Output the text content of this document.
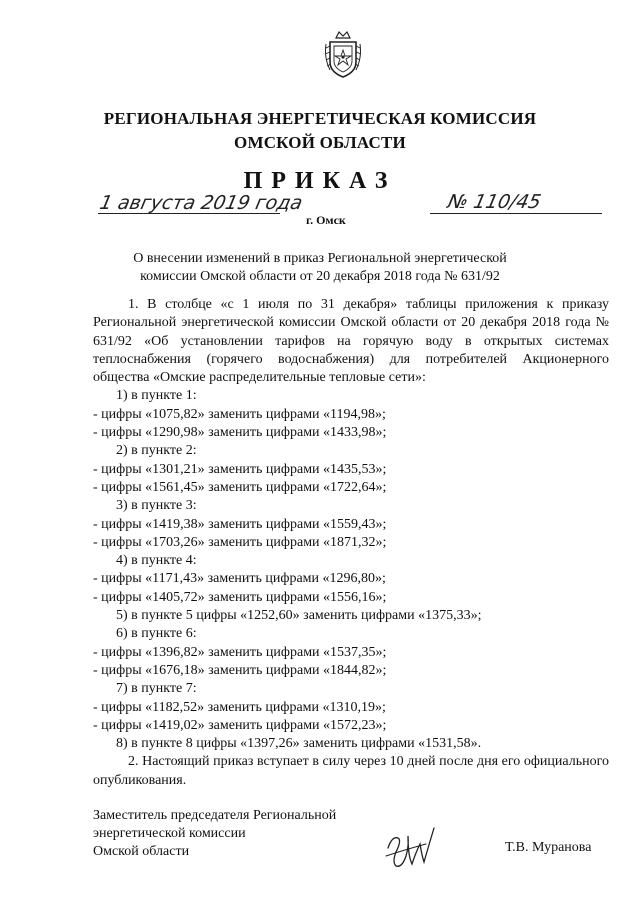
РЕГИОНАЛЬНАЯ ЭНЕРГЕТИЧЕСКАЯ КОМИССИЯ
ОМСКОЙ ОБЛАСТИ
ПРИКАЗ
1 августа 2019 года
г. Омск
№ 110/45
О внесении изменений в приказ Региональной энергетической
комиссии Омской области от 20 декабря 2018 года № 631/92

1. В столбце «с 1 июля по 31 декабря» таблицы приложения к приказу Региональной энергетической комиссии Омской области от 20 декабря 2018 года № 631/92 «Об установлении тарифов на горячую воду в открытых системах теплоснабжения (горячего водоснабжения) для потребителей Акционерного общества «Омские распределительные тепловые сети»:

1) в пункте 1:
- цифры «1075,82» заменить цифрами «1194,98»;
- цифры «1290,98» заменить цифрами «1433,98»;
2) в пункте 2:
- цифры «1301,21» заменить цифрами «1435,53»;
- цифры «1561,45» заменить цифрами «1722,64»;
3) в пункте 3:
- цифры «1419,38» заменить цифрами «1559,43»;
- цифры «1703,26» заменить цифрами «1871,32»;
4) в пункте 4:
- цифры «1171,43» заменить цифрами «1296,80»;
- цифры «1405,72» заменить цифрами «1556,16»;
5) в пункте 5 цифры «1252,60» заменить цифрами «1375,33»;
6) в пункте 6:
- цифры «1396,82» заменить цифрами «1537,35»;
- цифры «1676,18» заменить цифрами «1844,82»;
7) в пункте 7:
- цифры «1182,52» заменить цифрами «1310,19»;
- цифры «1419,02» заменить цифрами «1572,23»;
8) в пункте 8 цифры «1397,26» заменить цифрами «1531,58».

2. Настоящий приказ вступает в силу через 10 дней после дня его официального опубликования.

Заместитель председателя Региональной
энергетической комиссии
Омской области	Т.В. Муранова
